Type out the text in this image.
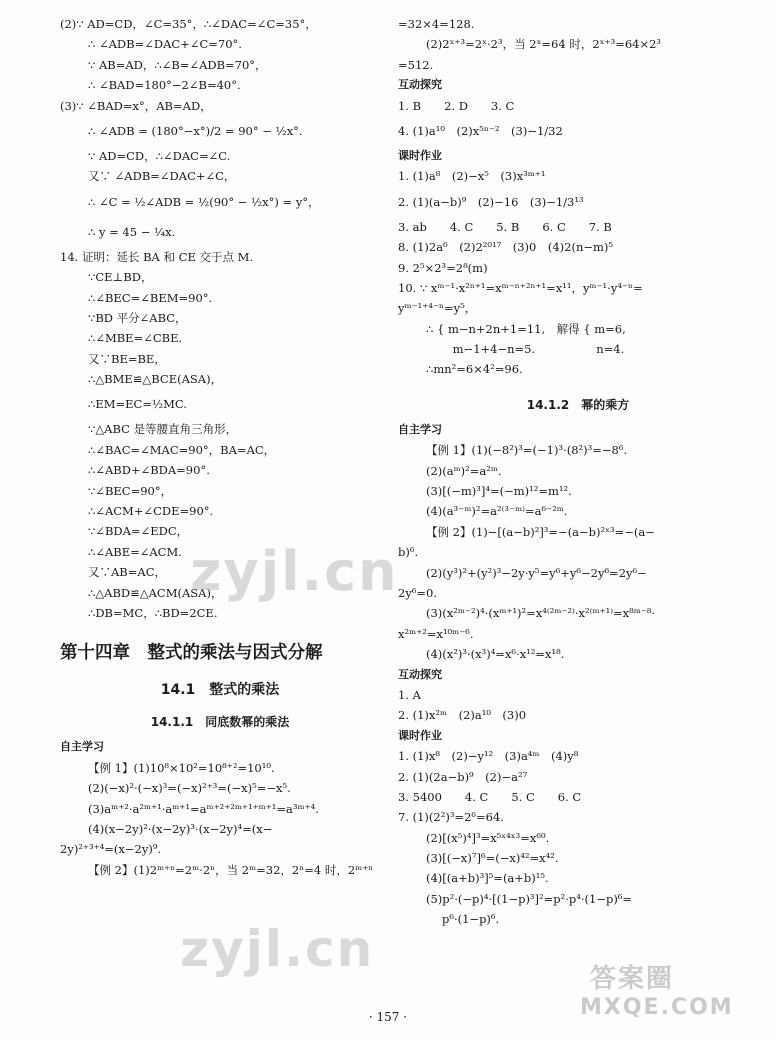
(2)∵ AD=CD，∠C=35°，∴∠DAC=∠C=35°，
∴ ∠ADB=∠DAC+∠C=70°.
∵ AB=AD，∴∠B=∠ADB=70°，
∴ ∠BAD=180°−2∠B=40°.
(3)∵ ∠BAD=x°，AB=AD，
∴ ∠ADB = (180°−x°)/2 = 90° − ½x°.
∵ AD=CD，∴∠DAC=∠C.
又∵ ∠ADB=∠DAC+∠C，
∴ ∠C = ½∠ADB = ½(90° − ½x°) = y°，
∴ y = 45 − ¼x.
14. 证明：延长 BA 和 CE 交于点 M.
∵CE⊥BD，
∴∠BEC=∠BEM=90°.
∵BD 平分∠ABC，
∴∠MBE=∠CBE.
又∵BE=BE，
∴△BME≌△BCE(ASA)，
∴EM=EC=½MC.
∵△ABC 是等腰直角三角形，
∴∠BAC=∠MAC=90°，BA=AC，
∴∠ABD+∠BDA=90°.
∵∠BEC=90°，
∴∠ACM+∠CDE=90°.
∵∠BDA=∠EDC，
∴∠ABE=∠ACM.
又∵AB=AC，
∴△ABD≌△ACM(ASA)，
∴DB=MC，∴BD=2CE.
第十四章　整式的乘法与因式分解
14.1　整式的乘法
14.1.1　同底数幂的乘法
自主学习
【例 1】(1)10⁸×10²=10⁸⁺²=10¹⁰.
(2)(−x)²·(−x)³=(−x)²⁺³=(−x)⁵=−x⁵.
(3)aᵐ⁺²·a²ᵐ⁺¹·aᵐ⁺¹=aᵐ⁺²⁺²ᵐ⁺¹⁺ᵐ⁺¹=a³ᵐ⁺⁴.
(4)(x−2y)²·(x−2y)³·(x−2y)⁴=(x−
2y)²⁺³⁺⁴=(x−2y)⁹.
【例 2】(1)2ᵐ⁺ⁿ=2ᵐ·2ⁿ，当 2ᵐ=32，2ⁿ=4 时，2ᵐ⁺ⁿ
=32×4=128.
(2)2ˣ⁺³=2ˣ·2³，当 2ˣ=64 时，2ˣ⁺³=64×2³
=512.
互动探究
1. B　　2. D　　3. C
4. (1)a¹⁰　(2)x⁵ⁿ⁻²　(3)−1/32
课时作业
1. (1)a⁸　(2)−x⁵　(3)x³ᵐ⁺¹
2. (1)(a−b)⁹　(2)−16　(3)−1/3¹³
3. ab　　4. C　　5. B　　6. C　　7. B
8. (1)2a⁶　(2)2²⁰¹⁷　(3)0　(4)2(n−m)⁵
9. 2⁵×2³=2⁸(m)
10. ∵ xᵐ⁻¹·x²ⁿ⁺¹=xᵐ⁻ⁿ⁺²ⁿ⁺¹=x¹¹，yᵐ⁻¹·y⁴⁻ⁿ=
yᵐ⁻¹⁺⁴⁻ⁿ=y⁵，
∴ { m−n+2n+1=11,　解得 { m=6,
　　 m−1+4−n=5.　　　　　 n=4.
∴mn²=6×4²=96.
14.1.2　幂的乘方
自主学习
【例 1】(1)(−8²)³=(−1)³·(8²)³=−8⁶.
(2)(aᵐ)²=a²ᵐ.
(3)[(−m)³]⁴=(−m)¹²=m¹².
(4)(a³⁻ᵐ)²=a²⁽³⁻ᵐ⁾=a⁶⁻²ᵐ.
【例 2】(1)−[(a−b)²]³=−(a−b)²ˣ³=−(a−
b)⁶.
(2)(y³)²+(y²)³−2y·y⁵=y⁶+y⁶−2y⁶=2y⁶−
2y⁶=0.
(3)(x²ᵐ⁻²)⁴·(xᵐ⁺¹)²=x⁴⁽²ᵐ⁻²⁾·x²⁽ᵐ⁺¹⁾=x⁸ᵐ⁻⁸·
x²ᵐ⁺²=x¹⁰ᵐ⁻⁶.
(4)(x²)³·(x³)⁴=x⁶·x¹²=x¹⁸.
互动探究
1. A
2. (1)x²ᵐ　(2)a¹⁰　(3)0
课时作业
1. (1)x⁸　(2)−y¹²　(3)a⁴ᵐ　(4)y⁸
2. (1)(2a−b)⁹　(2)−a²⁷
3. 5400　　4. C　　5. C　　6. C
7. (1)(2²)³=2⁶=64.
(2)[(x⁵)⁴]³=x⁵ˣ⁴ˣ³=x⁶⁰.
(3)[(−x)⁷]⁶=(−x)⁴²=x⁴².
(4)[(a+b)³]⁵=(a+b)¹⁵.
(5)p²·(−p)⁴·[(1−p)³]²=p²·p⁴·(1−p)⁶=
p⁶·(1−p)⁶.
· 157 ·
zyjl.cn
zyjl.cn
答案圈
MXQE.COM
